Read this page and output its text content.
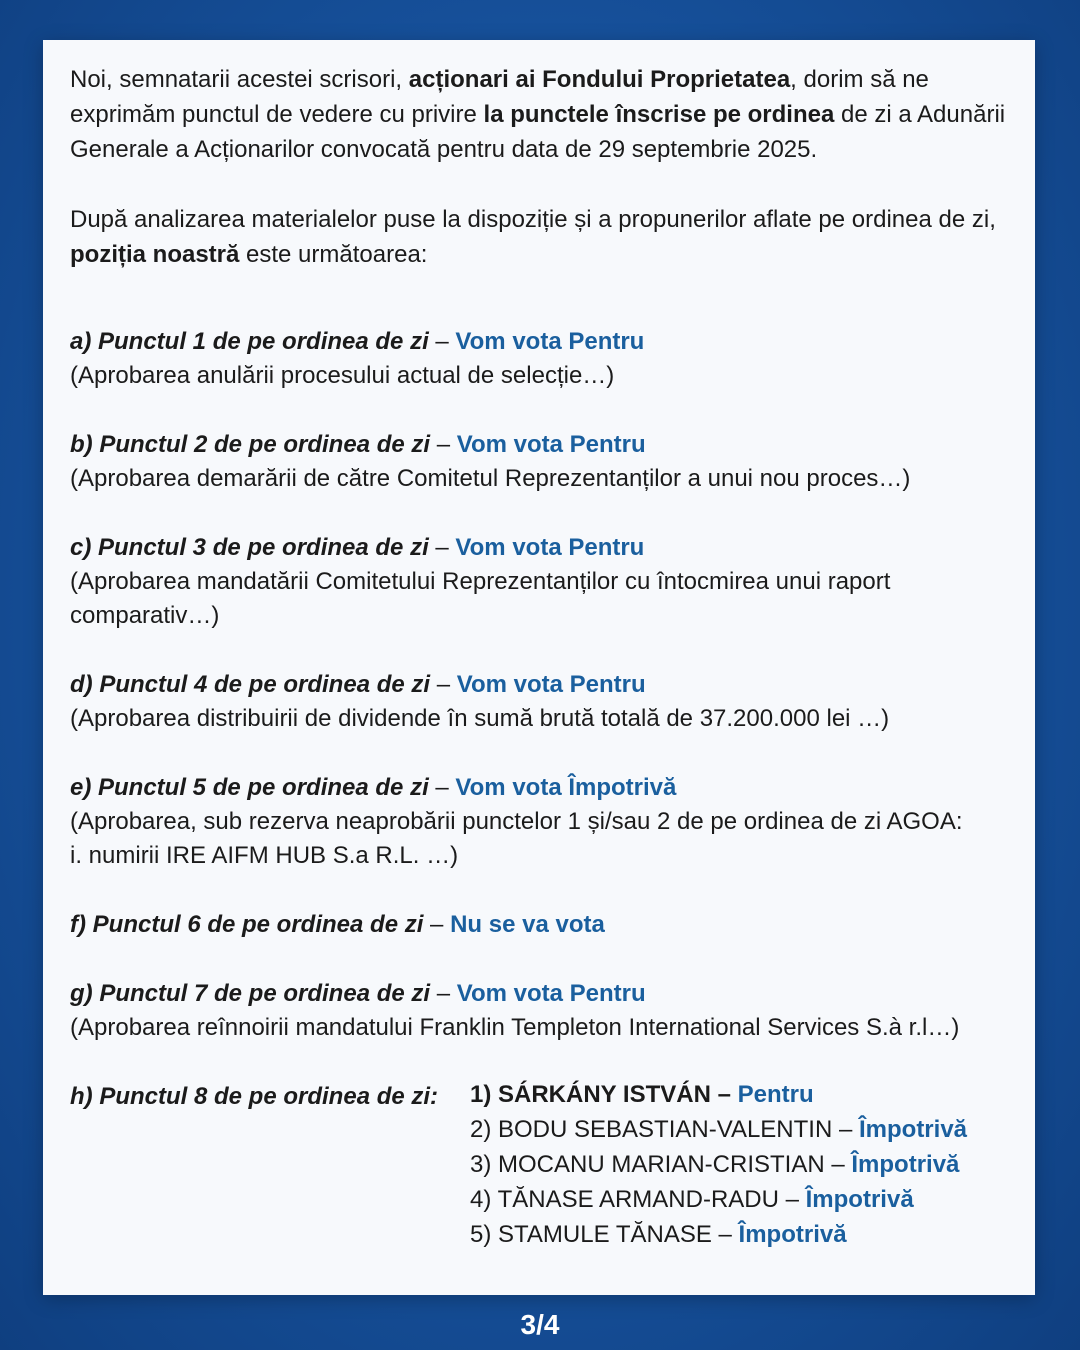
Noi, semnatarii acestei scrisori, acționari ai Fondului Proprietatea, dorim să ne exprimăm punctul de vedere cu privire la punctele înscrise pe ordinea de zi a Adunării Generale a Acționarilor convocată pentru data de 29 septembrie 2025.

După analizarea materialelor puse la dispoziție și a propunerilor aflate pe ordinea de zi, poziția noastră este următoarea:

a) Punctul 1 de pe ordinea de zi – Vom vota Pentru
(Aprobarea anulării procesului actual de selecție…)
b) Punctul 2 de pe ordinea de zi – Vom vota Pentru
(Aprobarea demarării de către Comitetul Reprezentanților a unui nou proces…)
c) Punctul 3 de pe ordinea de zi – Vom vota Pentru
(Aprobarea mandatării Comitetului Reprezentanților cu întocmirea unui raport comparativ…)
d) Punctul 4 de pe ordinea de zi – Vom vota Pentru
(Aprobarea distribuirii de dividende în sumă brută totală de 37.200.000 lei …)
e) Punctul 5 de pe ordinea de zi – Vom vota Împotrivă
(Aprobarea, sub rezerva neaprobării punctelor 1 și/sau 2 de pe ordinea de zi AGOA:
i. numirii IRE AIFM HUB S.a R.L. …)
f) Punctul 6 de pe ordinea de zi – Nu se va vota
g) Punctul 7 de pe ordinea de zi – Vom vota Pentru
(Aprobarea reînnoirii mandatului Franklin Templeton International Services S.à r.l…)
h) Punctul 8 de pe ordinea de zi:	1) SÁRKÁNY ISTVÁN – Pentru
2) BODU SEBASTIAN-VALENTIN – Împotrivă
3) MOCANU MARIAN-CRISTIAN – Împotrivă
4) TĂNASE ARMAND-RADU – Împotrivă
5) STAMULE TĂNASE – Împotrivă
3/4
